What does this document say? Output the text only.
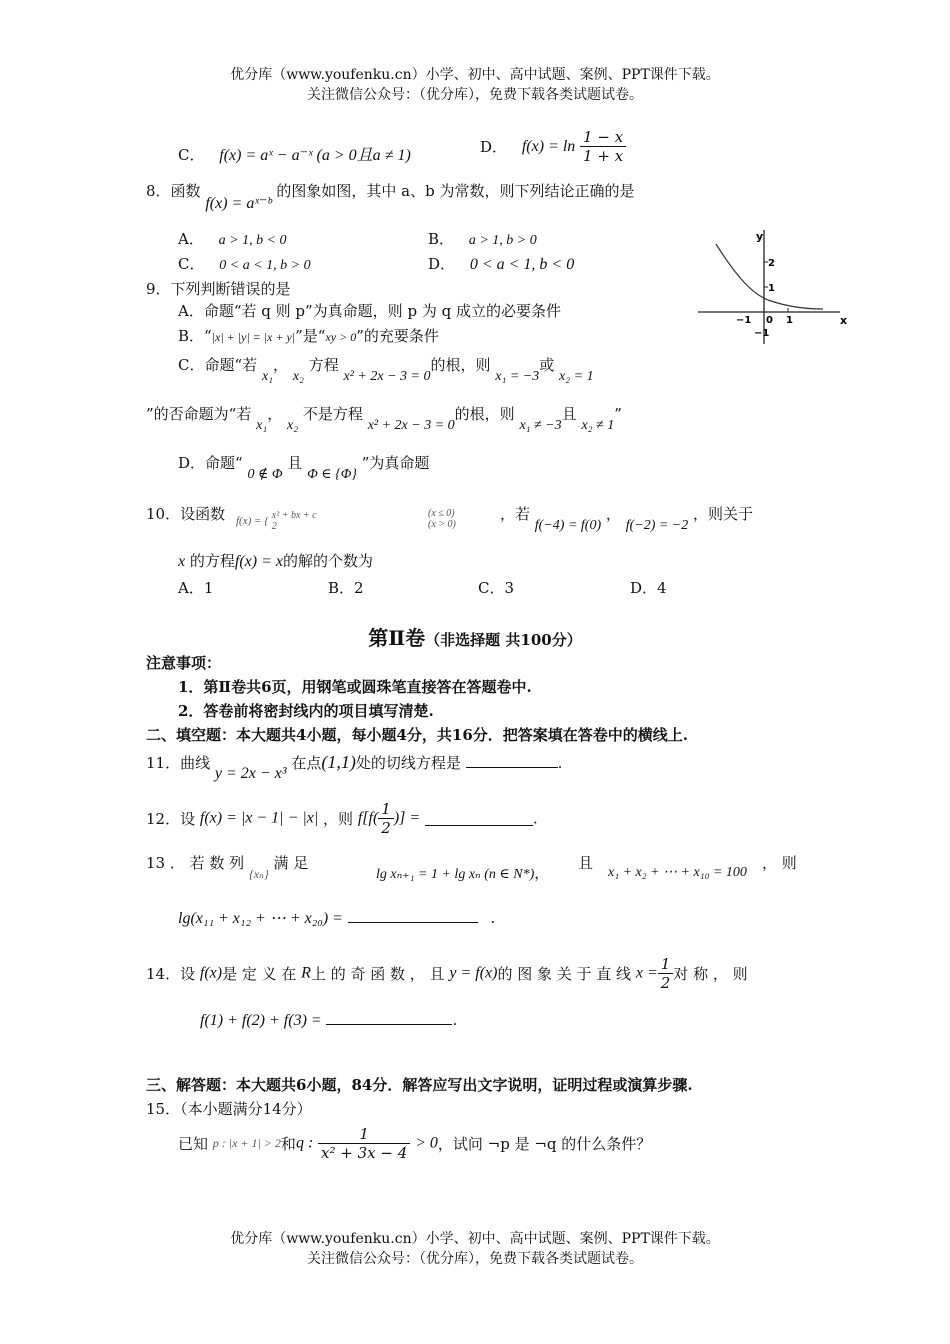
优分库（www.youfenku.cn）小学、初中、高中试题、案例、PPT课件下载。
关注微信公众号：（优分库），免费下载各类试题试卷。
C． f(x) = aˣ − a⁻ˣ (a > 0且a ≠ 1)	D． $f(x) = \ln \frac{1 - x}{1 + x}$
8．函数 f(x) = aˣ⁻ᵇ 的图象如图，其中 a、b 为常数，则下列结论正确的是
A． a > 1, b < 0	B． a > 1, b > 0
C． 0 < a < 1, b > 0	D． 0 < a < 1, b < 0
y
x
2
1
0
−1	1
−1
9．下列判断错误的是
A．命题“若 q 则 p”为真命题，则 p 为 q 成立的必要条件
B．“|x| + |y| = |x + y|”是“xy > 0”的充要条件
C．命题“若 x₁， x₂ 方程 x² + 2x − 3 = 0的根，则 x₁ = −3或 x₂ = 1
”的否命题为“若 x₁， x₂ 不是方程 x² + 2x − 3 = 0的根，则 x₁ ≠ −3且 x₂ ≠ 1”
D．命题“ 0 ∉ Φ 且 Φ ∈ {Φ} ”为真命题
10．设函数 f(x) = { x² + bx + c
2
(x ≤ 0)
(x > 0)
，若 f(−4) = f(0) ， f(−2) = −2 ，则关于
x 的方程f(x) = x的解的个数为
A．1	B．2	C．3	D．4
第Ⅱ卷（非选择题 共100分）
注意事项：
1．第Ⅱ卷共6页，用钢笔或圆珠笔直接答在答题卷中.
2．答卷前将密封线内的项目填写清楚.
二、填空题：本大题共4小题，每小题4分，共16分．把答案填在答卷中的横线上.
11．曲线 y = 2x − x³ 在点(1,1)处的切线方程是	.
12．设 f(x) = |x − 1| − |x| ，则 $f[f( \frac{1}{2}$ )] =	.
13 ． 若 数 列 $_{\{x_n\}}$ 满 足
lg xₙ₊₁ = 1 + lg xₙ (n ∈ N*)，
且
x₁ + x₂ + ⋯ + x₁₀ = 100
， 则
lg(x₁₁ + x₁₂ + ⋯ + x₂₀) =	.
14．设 f(x)是 定 义 在 R上 的 奇 函 数 ， 且 y = f(x)的 图 象 关 于 直 线 $x = \frac{1}{2}$ 对 称 ， 则
f(1) + f(2) + f(3) =	.
三、解答题：本大题共6小题，84分．解答应写出文字说明，证明过程或演算步骤.
15．（本小题满分14分）
已知 p : |x + 1| > 2和q : $\frac{1}{\text{x² + 3x − 4}} > 0$，试问 ¬p 是 ¬q 的什么条件？
优分库（www.youfenku.cn）小学、初中、高中试题、案例、PPT课件下载。
关注微信公众号：（优分库），免费下载各类试题试卷。
